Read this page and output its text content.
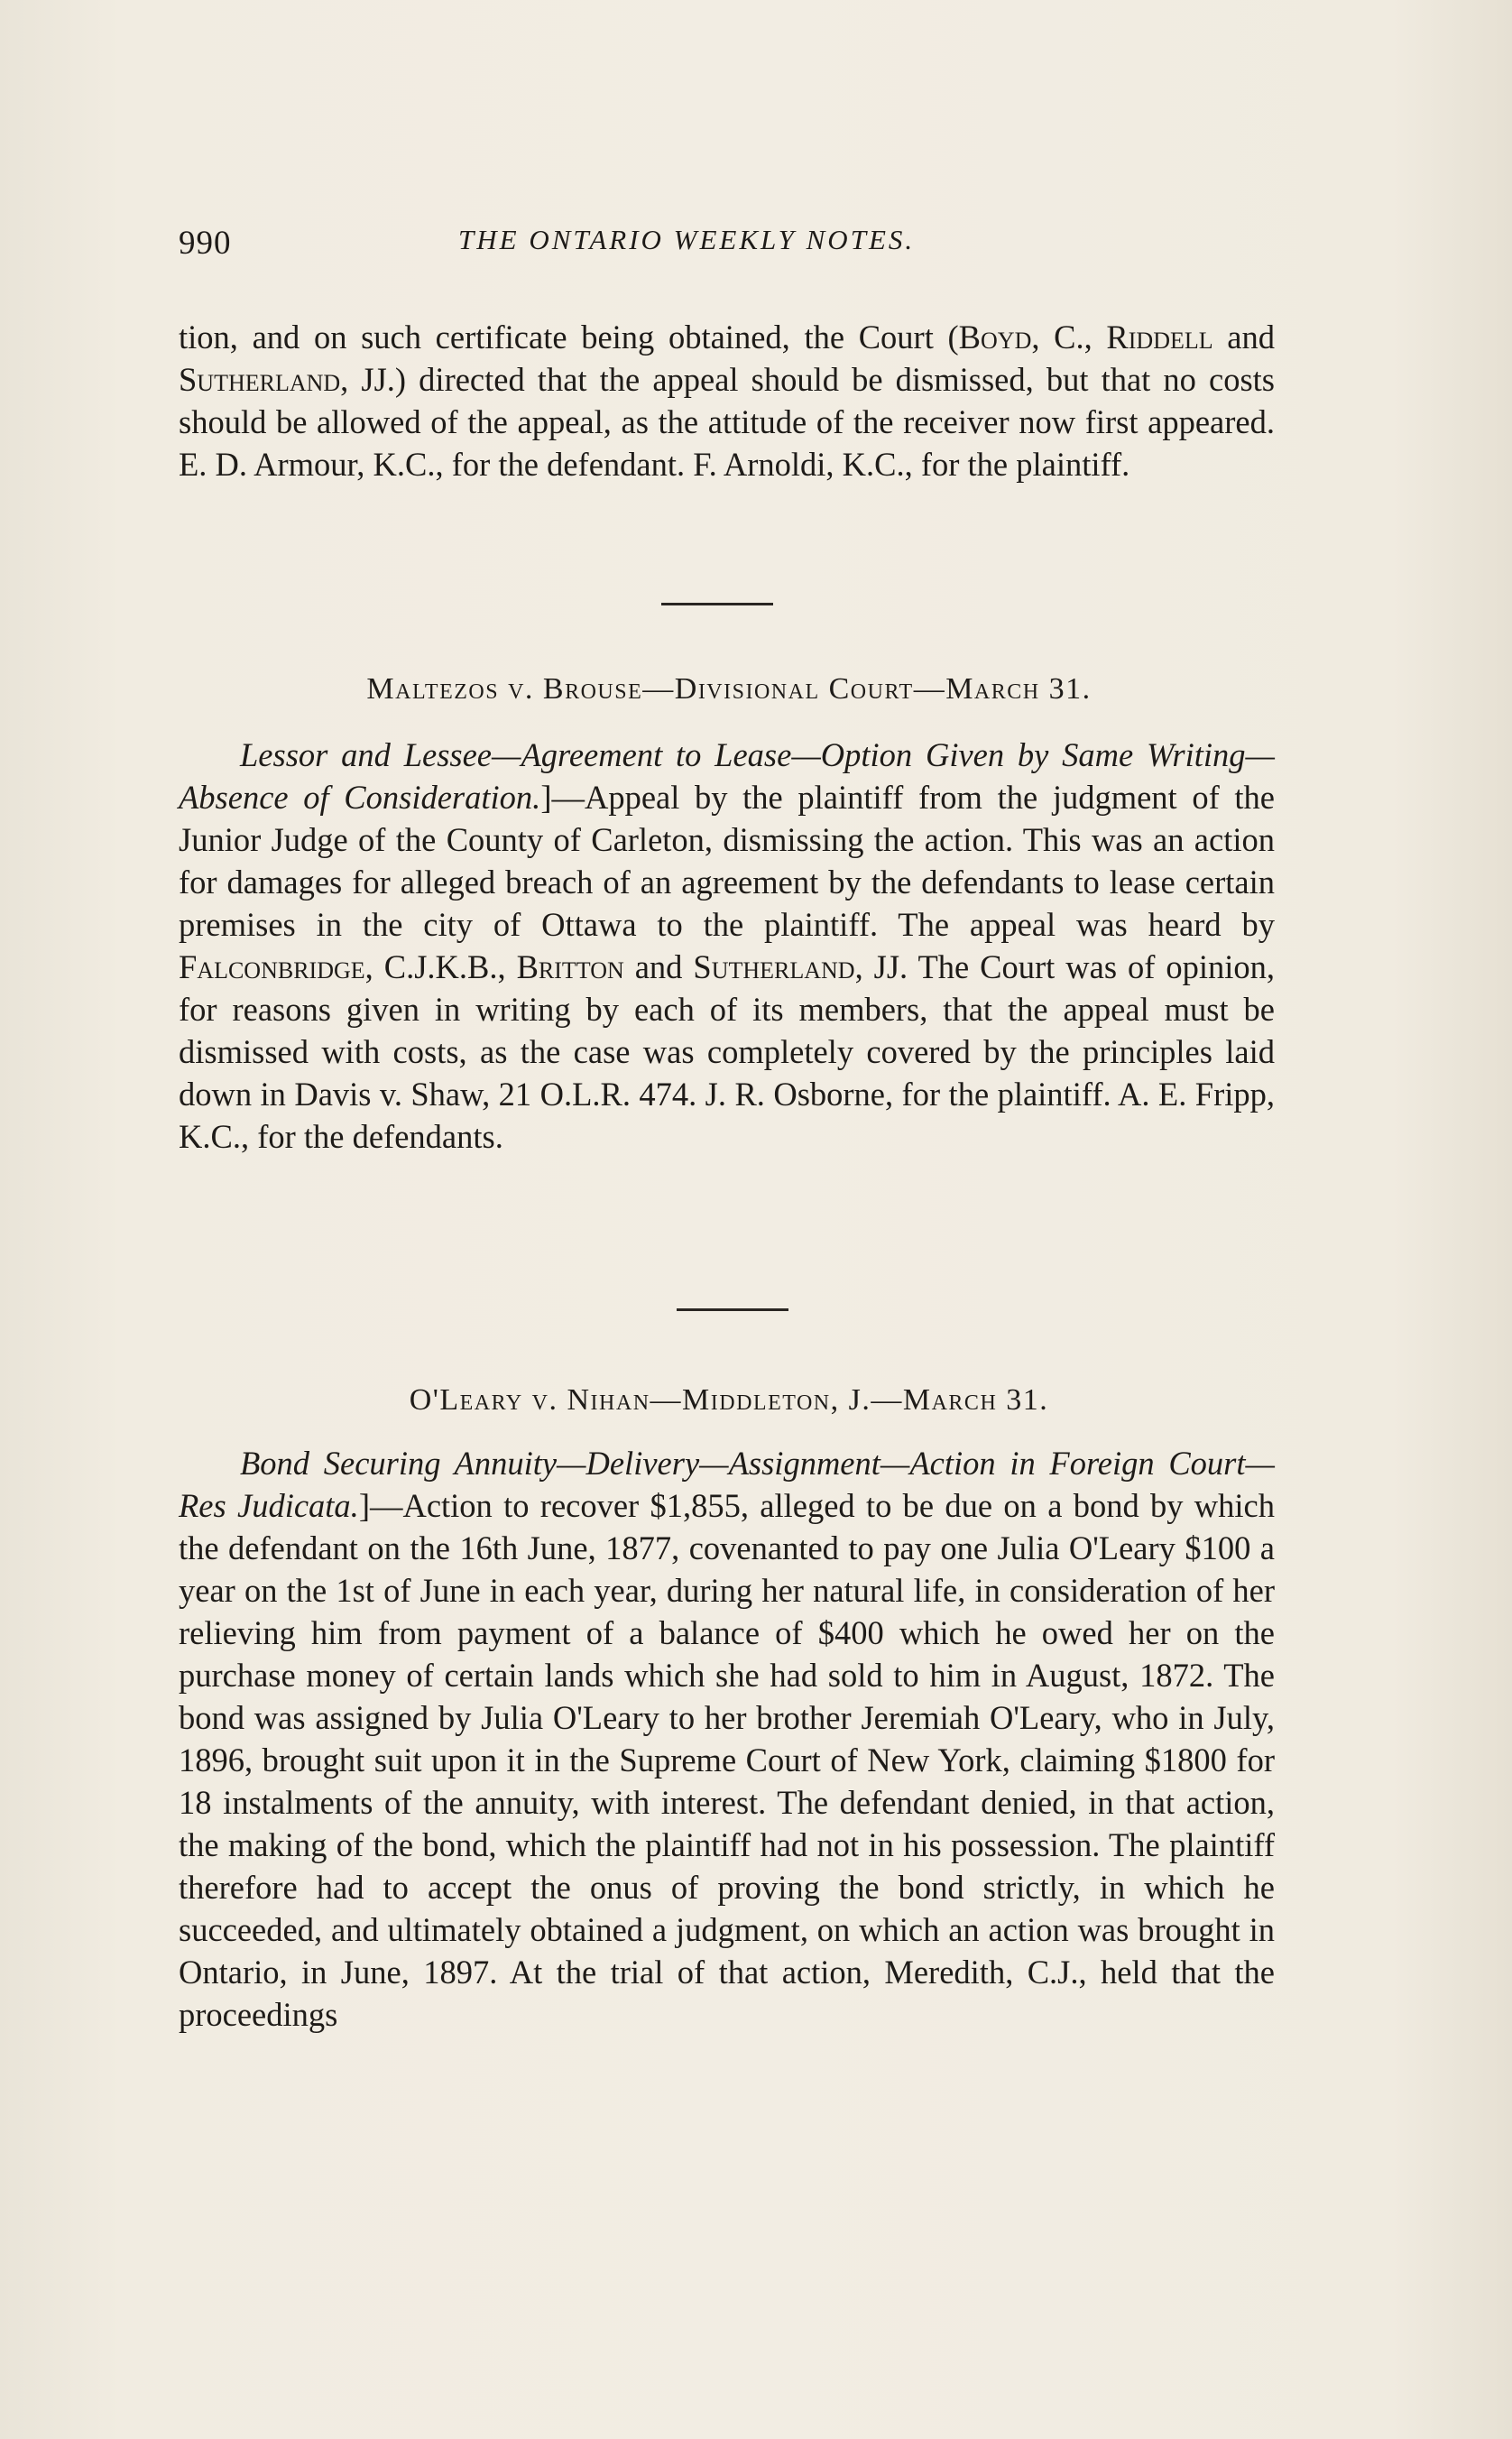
990	THE ONTARIO WEEKLY NOTES.
tion, and on such certificate being obtained, the Court (Boyd, C., Riddell and Sutherland, JJ.) directed that the appeal should be dismissed, but that no costs should be allowed of the appeal, as the attitude of the receiver now first appeared. E. D. Armour, K.C., for the defendant. F. Arnoldi, K.C., for the plaintiff.
Maltezos v. Brouse—Divisional Court—March 31.
Lessor and Lessee—Agreement to Lease—Option Given by Same Writing—Absence of Consideration.]—Appeal by the plaintiff from the judgment of the Junior Judge of the County of Carleton, dismissing the action. This was an action for damages for alleged breach of an agreement by the defendants to lease certain premises in the city of Ottawa to the plaintiff. The appeal was heard by Falconbridge, C.J.K.B., Britton and Sutherland, JJ. The Court was of opinion, for reasons given in writing by each of its members, that the appeal must be dismissed with costs, as the case was completely covered by the principles laid down in Davis v. Shaw, 21 O.L.R. 474. J. R. Osborne, for the plaintiff. A. E. Fripp, K.C., for the defendants.
O'Leary v. Nihan—Middleton, J.—March 31.
Bond Securing Annuity—Delivery—Assignment—Action in Foreign Court—Res Judicata.]—Action to recover $1,855, alleged to be due on a bond by which the defendant on the 16th June, 1877, covenanted to pay one Julia O'Leary $100 a year on the 1st of June in each year, during her natural life, in consideration of her relieving him from payment of a balance of $400 which he owed her on the purchase money of certain lands which she had sold to him in August, 1872. The bond was assigned by Julia O'Leary to her brother Jeremiah O'Leary, who in July, 1896, brought suit upon it in the Supreme Court of New York, claiming $1800 for 18 instalments of the annuity, with interest. The defendant denied, in that action, the making of the bond, which the plaintiff had not in his possession. The plaintiff therefore had to accept the onus of proving the bond strictly, in which he succeeded, and ultimately obtained a judgment, on which an action was brought in Ontario, in June, 1897. At the trial of that action, Meredith, C.J., held that the proceedings
